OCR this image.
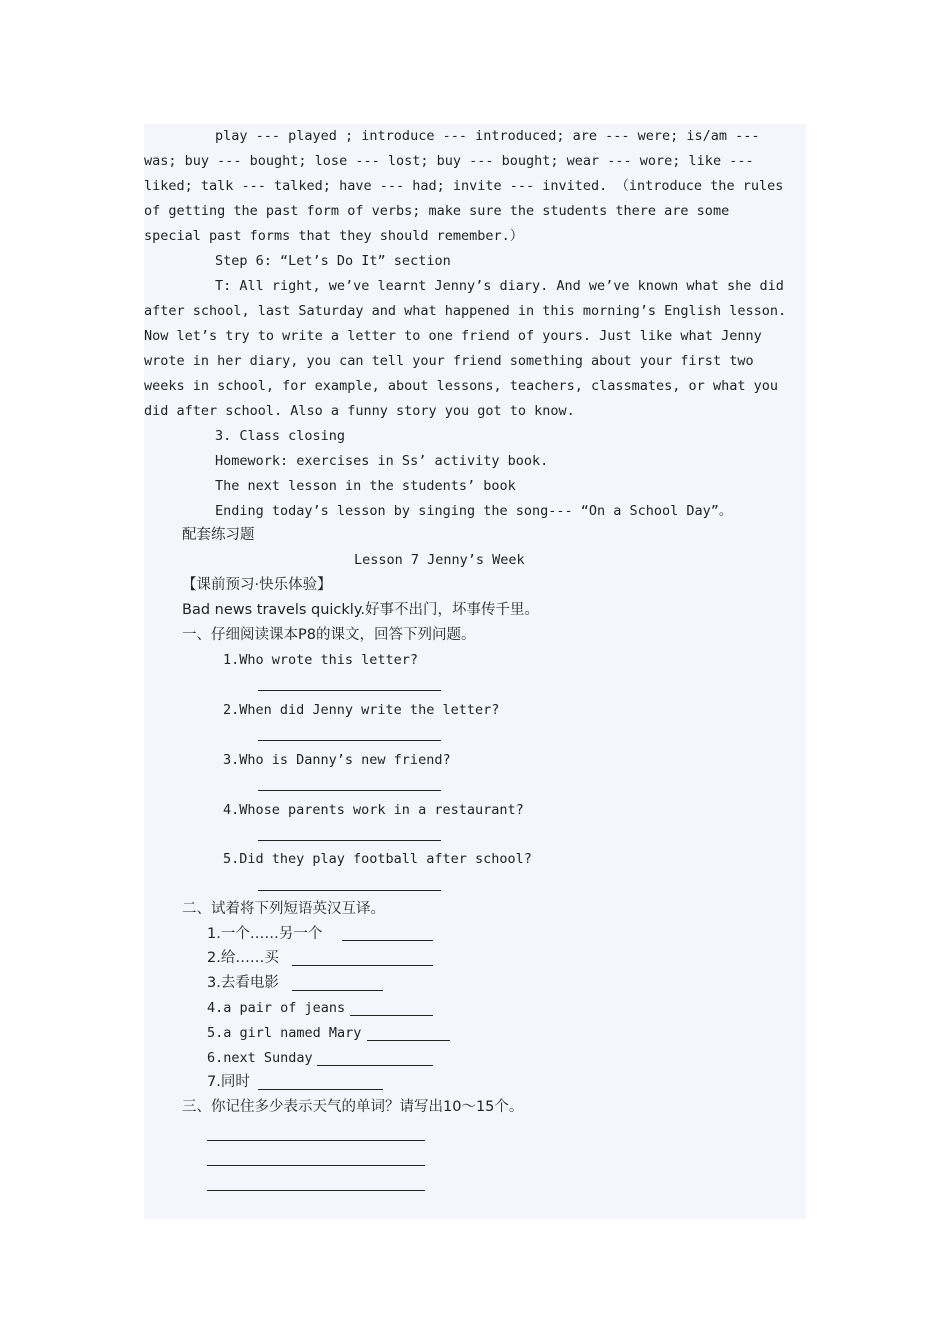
play --- played ; introduce --- introduced; are --- were; is/am ---
was; buy --- bought; lose --- lost; buy --- bought; wear --- wore; like ---
liked; talk --- talked; have --- had; invite --- invited. （introduce the rules
of getting the past form of verbs; make sure the students there are some
special past forms that they should remember.）
Step 6: “Let’s Do It” section
T: All right, we’ve learnt Jenny’s diary. And we’ve known what she did
after school, last Saturday and what happened in this morning’s English lesson.
Now let’s try to write a letter to one friend of yours. Just like what Jenny
wrote in her diary, you can tell your friend something about your first two
weeks in school, for example, about lessons, teachers, classmates, or what you
did after school. Also a funny story you got to know.
3. Class closing
Homework: exercises in Ss’ activity book.
The next lesson in the students’ book
Ending today’s lesson by singing the song--- “On a School Day”。
配套练习题
Lesson 7 Jenny’s Week
【课前预习·快乐体验】
Bad news travels quickly.好事不出门，坏事传千里。
一、仔细阅读课本P8的课文，回答下列问题。
1.Who wrote this letter?
2.When did Jenny write the letter?
3.Who is Danny’s new friend?
4.Whose parents work in a restaurant?
5.Did they play football after school?
二、试着将下列短语英汉互译。
1.一个……另一个
2.给……买
3.去看电影
4.a pair of jeans
5.a girl named Mary
6.next Sunday
7.同时
三、你记住多少表示天气的单词？请写出10～15个。
